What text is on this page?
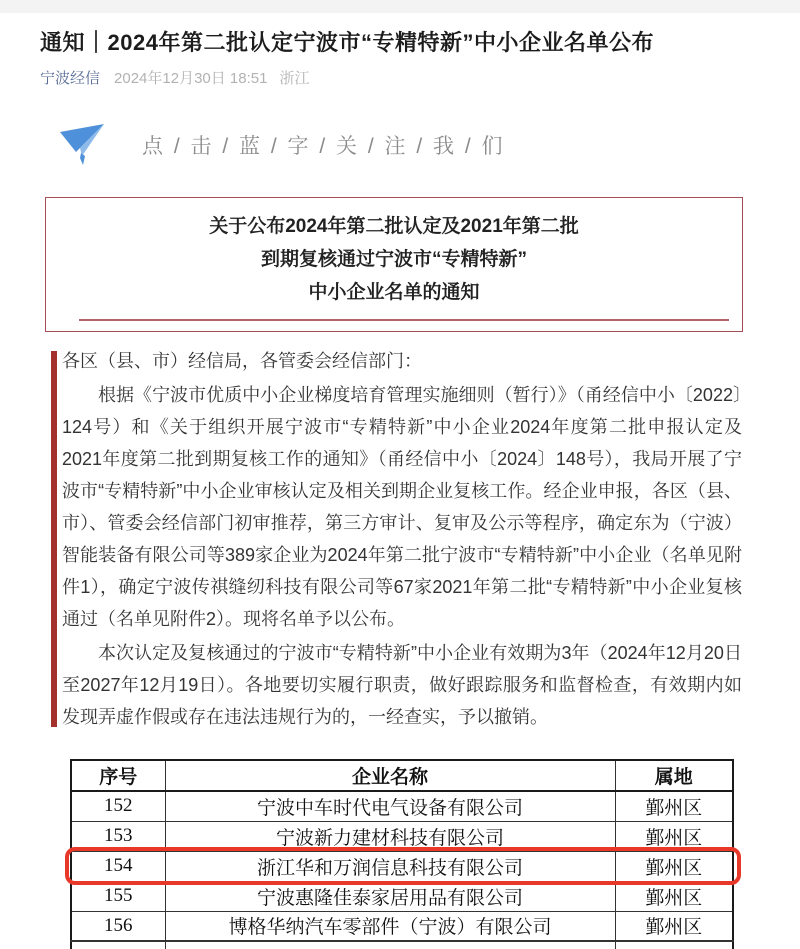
通知｜2024年第二批认定宁波市“专精特新”中小企业名单公布
宁波经信 2024年12月30日 18:51 浙江
点 / 击 / 蓝 / 字 / 关 / 注 / 我 / 们
关于公布2024年第二批认定及2021年第二批
到期复核通过宁波市“专精特新”
中小企业名单的通知

各区（县、市）经信局，各管委会经信部门：

根据《宁波市优质中小企业梯度培育管理实施细则（暂行）》（甬经信中小〔2022〕124号）和《关于组织开展宁波市“专精特新”中小企业2024年度第二批申报认定及2021年度第二批到期复核工作的通知》（甬经信中小〔2024〕148号），我局开展了宁波市“专精特新”中小企业审核认定及相关到期企业复核工作。经企业申报，各区（县、市）、管委会经信部门初审推荐，第三方审计、复审及公示等程序，确定东为（宁波）智能装备有限公司等389家企业为2024年第二批宁波市“专精特新”中小企业（名单见附件1），确定宁波传祺缝纫科技有限公司等67家2021年第二批“专精特新”中小企业复核通过（名单见附件2）。现将名单予以公布。

本次认定及复核通过的宁波市“专精特新”中小企业有效期为3年（2024年12月20日至2027年12月19日）。各地要切实履行职责，做好跟踪服务和监督检查，有效期内如发现弄虚作假或存在违法违规行为的，一经查实，予以撤销。

序号	企业名称	属地
152	宁波中车时代电气设备有限公司	鄞州区
153	宁波新力建材科技有限公司	鄞州区
154	浙江华和万润信息科技有限公司	鄞州区
155	宁波惠隆佳泰家居用品有限公司	鄞州区
156	博格华纳汽车零部件（宁波）有限公司	鄞州区
